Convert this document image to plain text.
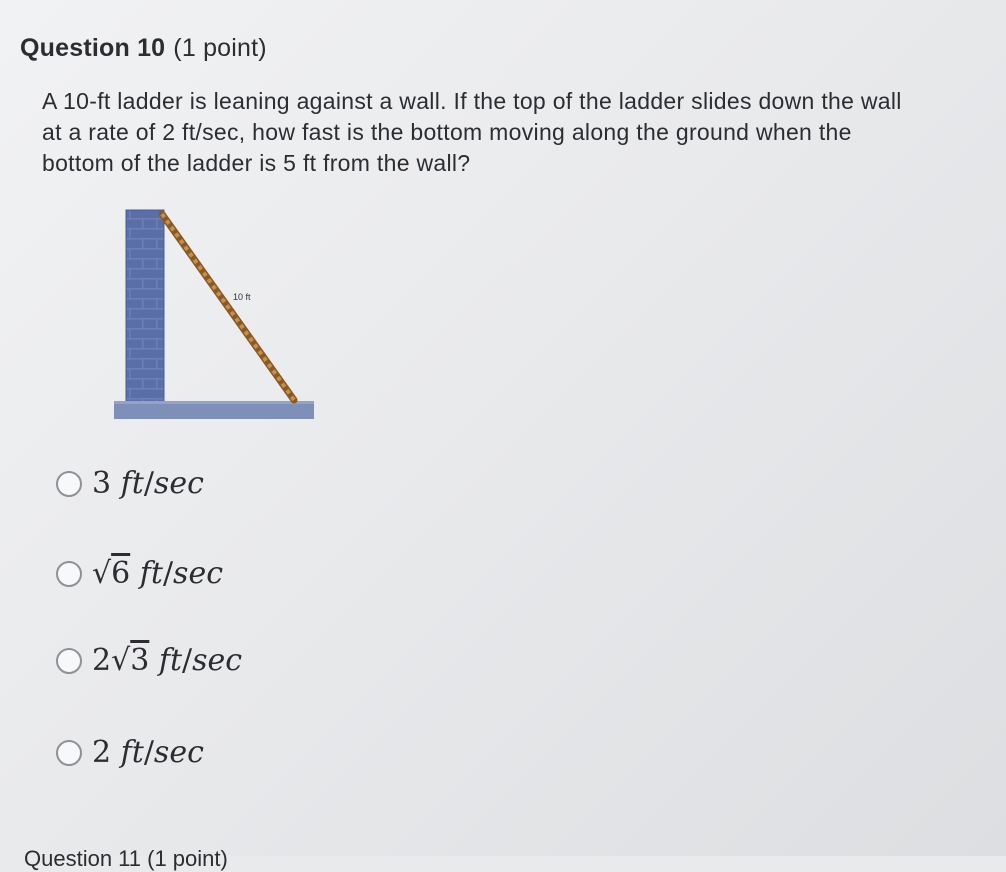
Question 10 (1 point)
A 10-ft ladder is leaning against a wall. If the top of the ladder slides down the wall
at a rate of 2 ft/sec, how fast is the bottom moving along the ground when the
bottom of the ladder is 5 ft from the wall?
10 ft
3 ft/sec
√6 ft/sec
2√3 ft/sec
2 ft/sec
Question 11 (1 point)
